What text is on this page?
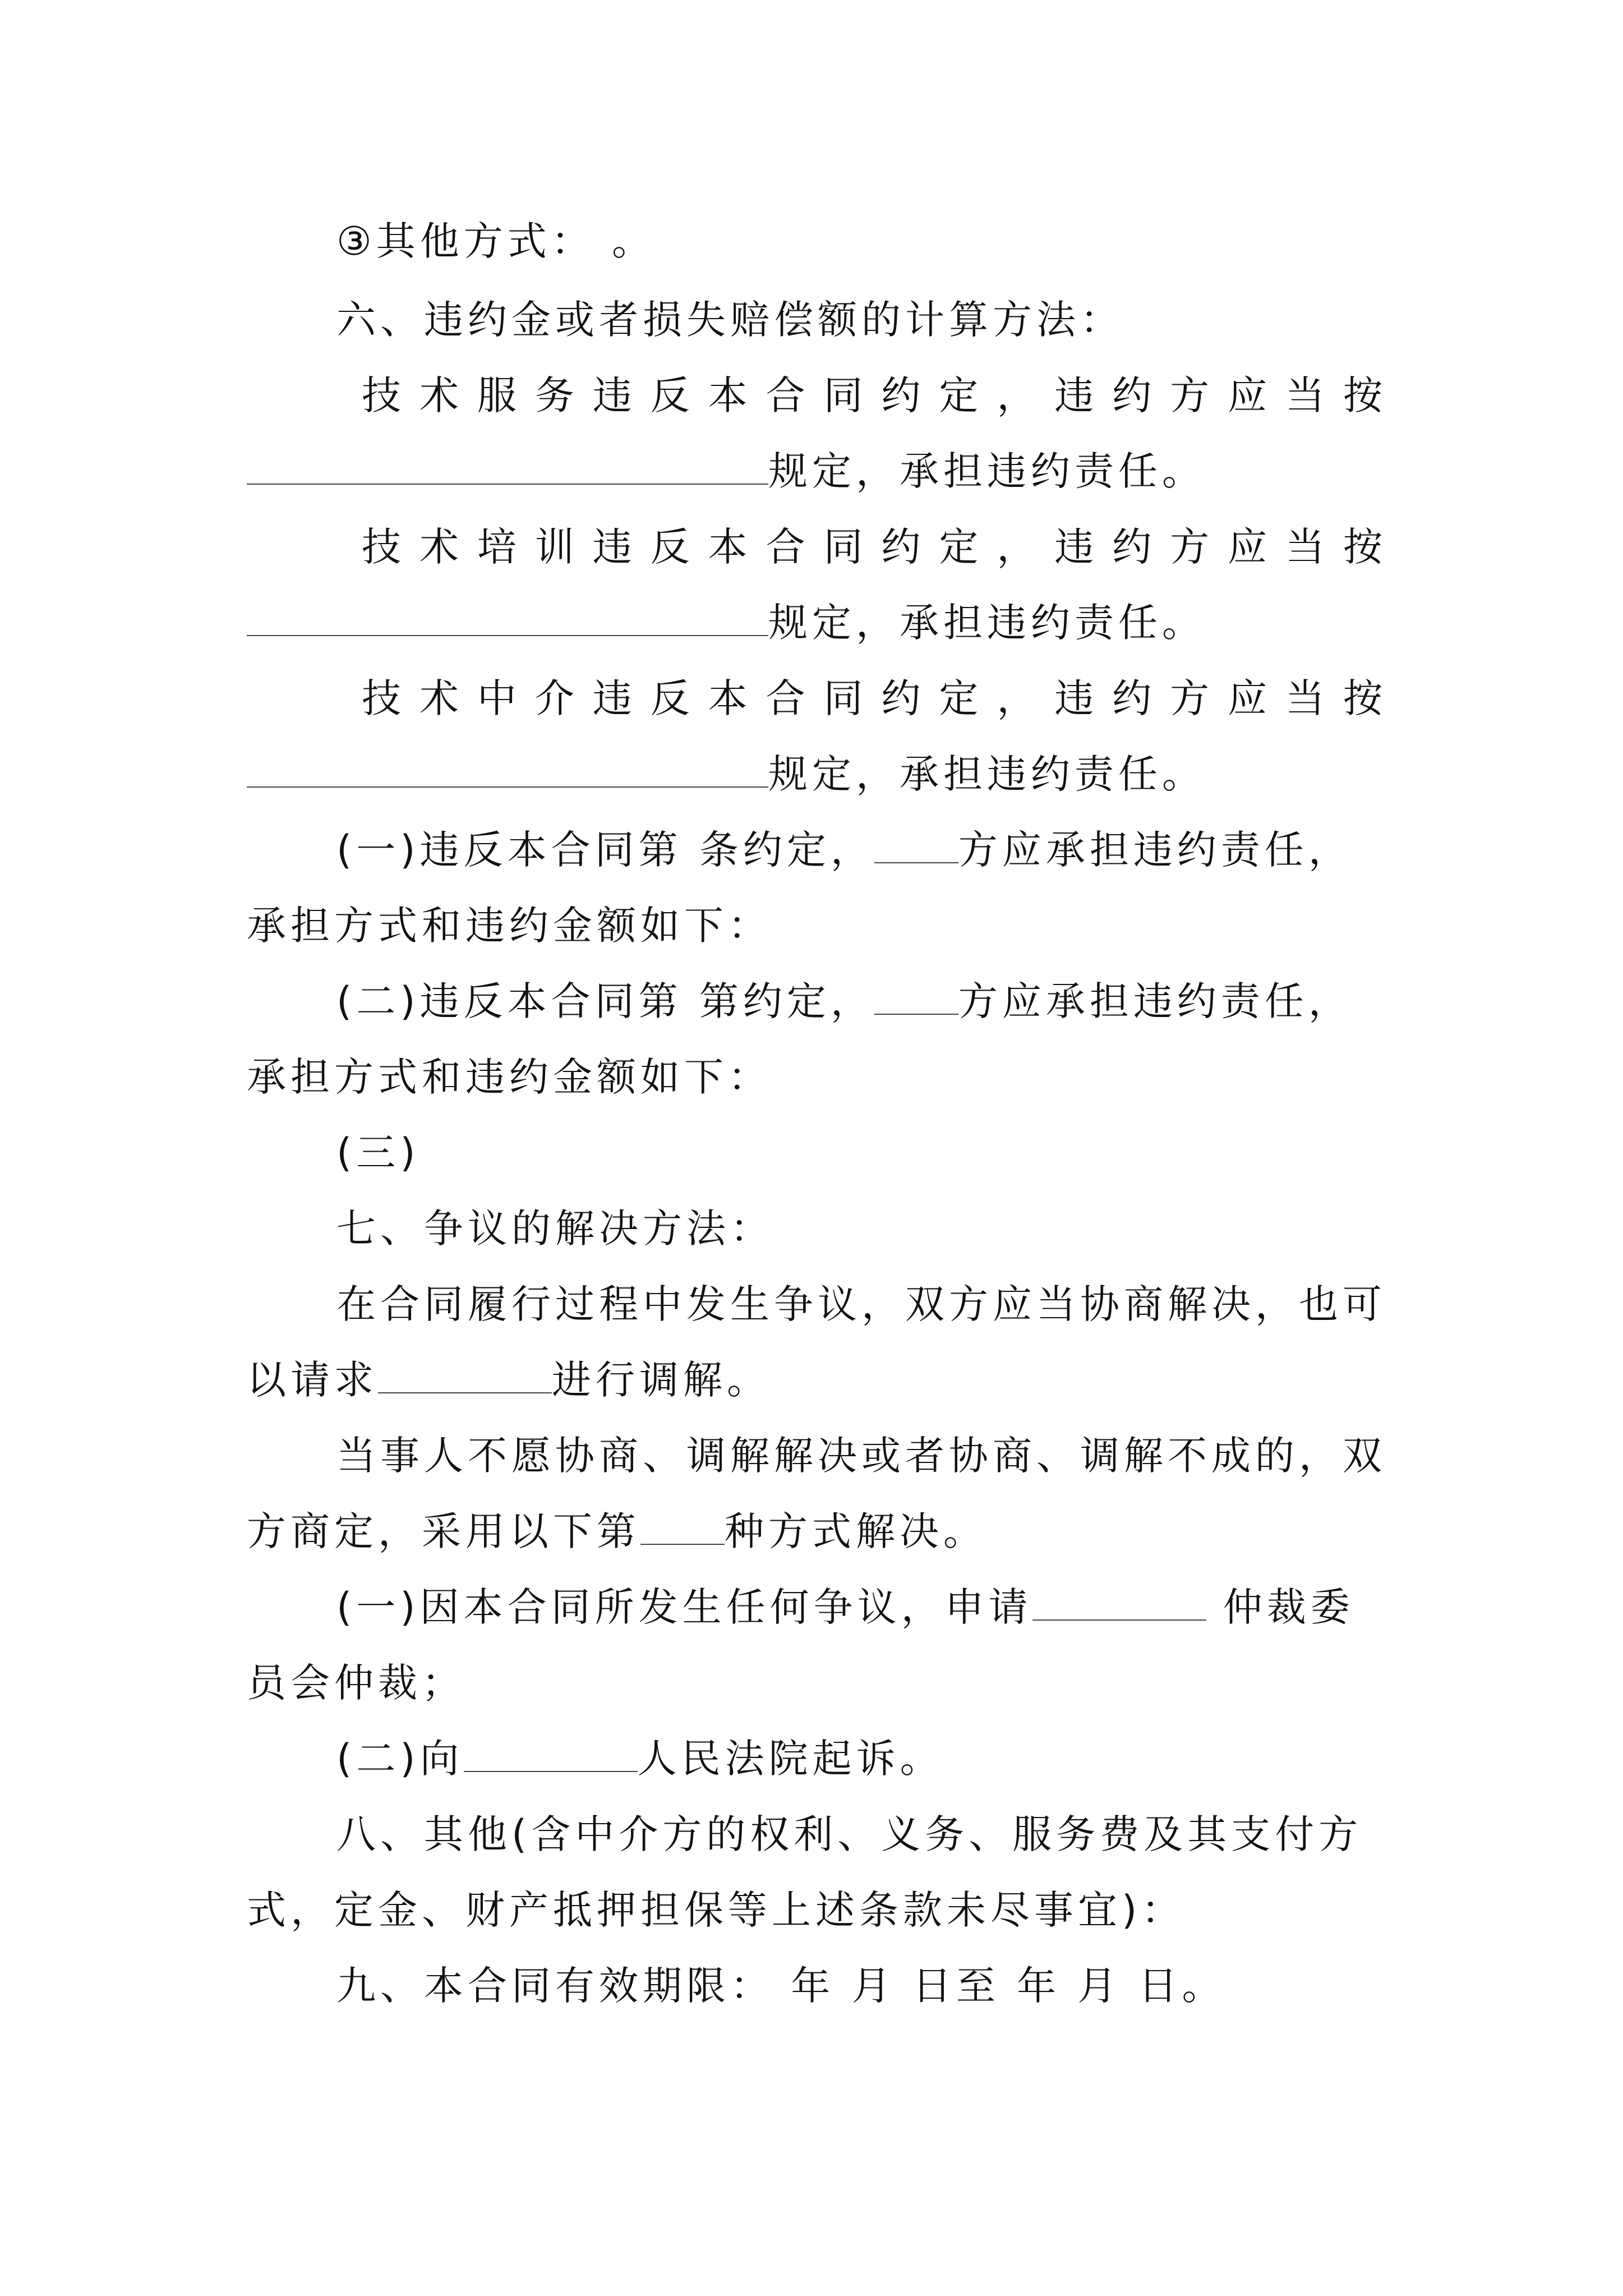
③其他方式： 。
六、违约金或者损失赔偿额的计算方法：
技 术 服 务 违 反 本 合 同 约 定 ， 违 约 方 应 当 按
规定，承担违约责任。
技 术 培 训 违 反 本 合 同 约 定 ， 违 约 方 应 当 按
规定，承担违约责任。
技 术 中 介 违 反 本 合 同 约 定 ， 违 约 方 应 当 按
规定，承担违约责任。
(一)违反本合同第 条约定， 方应承担违约责任，
承担方式和违约金额如下：
(二)违反本合同第 第约定， 方应承担违约责任，
承担方式和违约金额如下：
(三)
七、争议的解决方法：
在合同履行过程中发生争议，双方应当协商解决，也可
以请求	进行调解。
当事人不愿协商、调解解决或者协商、调解不成的，双
方商定，采用以下第 种方式解决。
(一)因本合同所发生任何争议，申请	仲裁委
员会仲裁；
(二)向	人民法院起诉。
八、其他(含中介方的权利、义务、服务费及其支付方
式，定金、财产抵押担保等上述条款未尽事宜)：
九、本合同有效期限： 年 月 日至 年 月 日。
